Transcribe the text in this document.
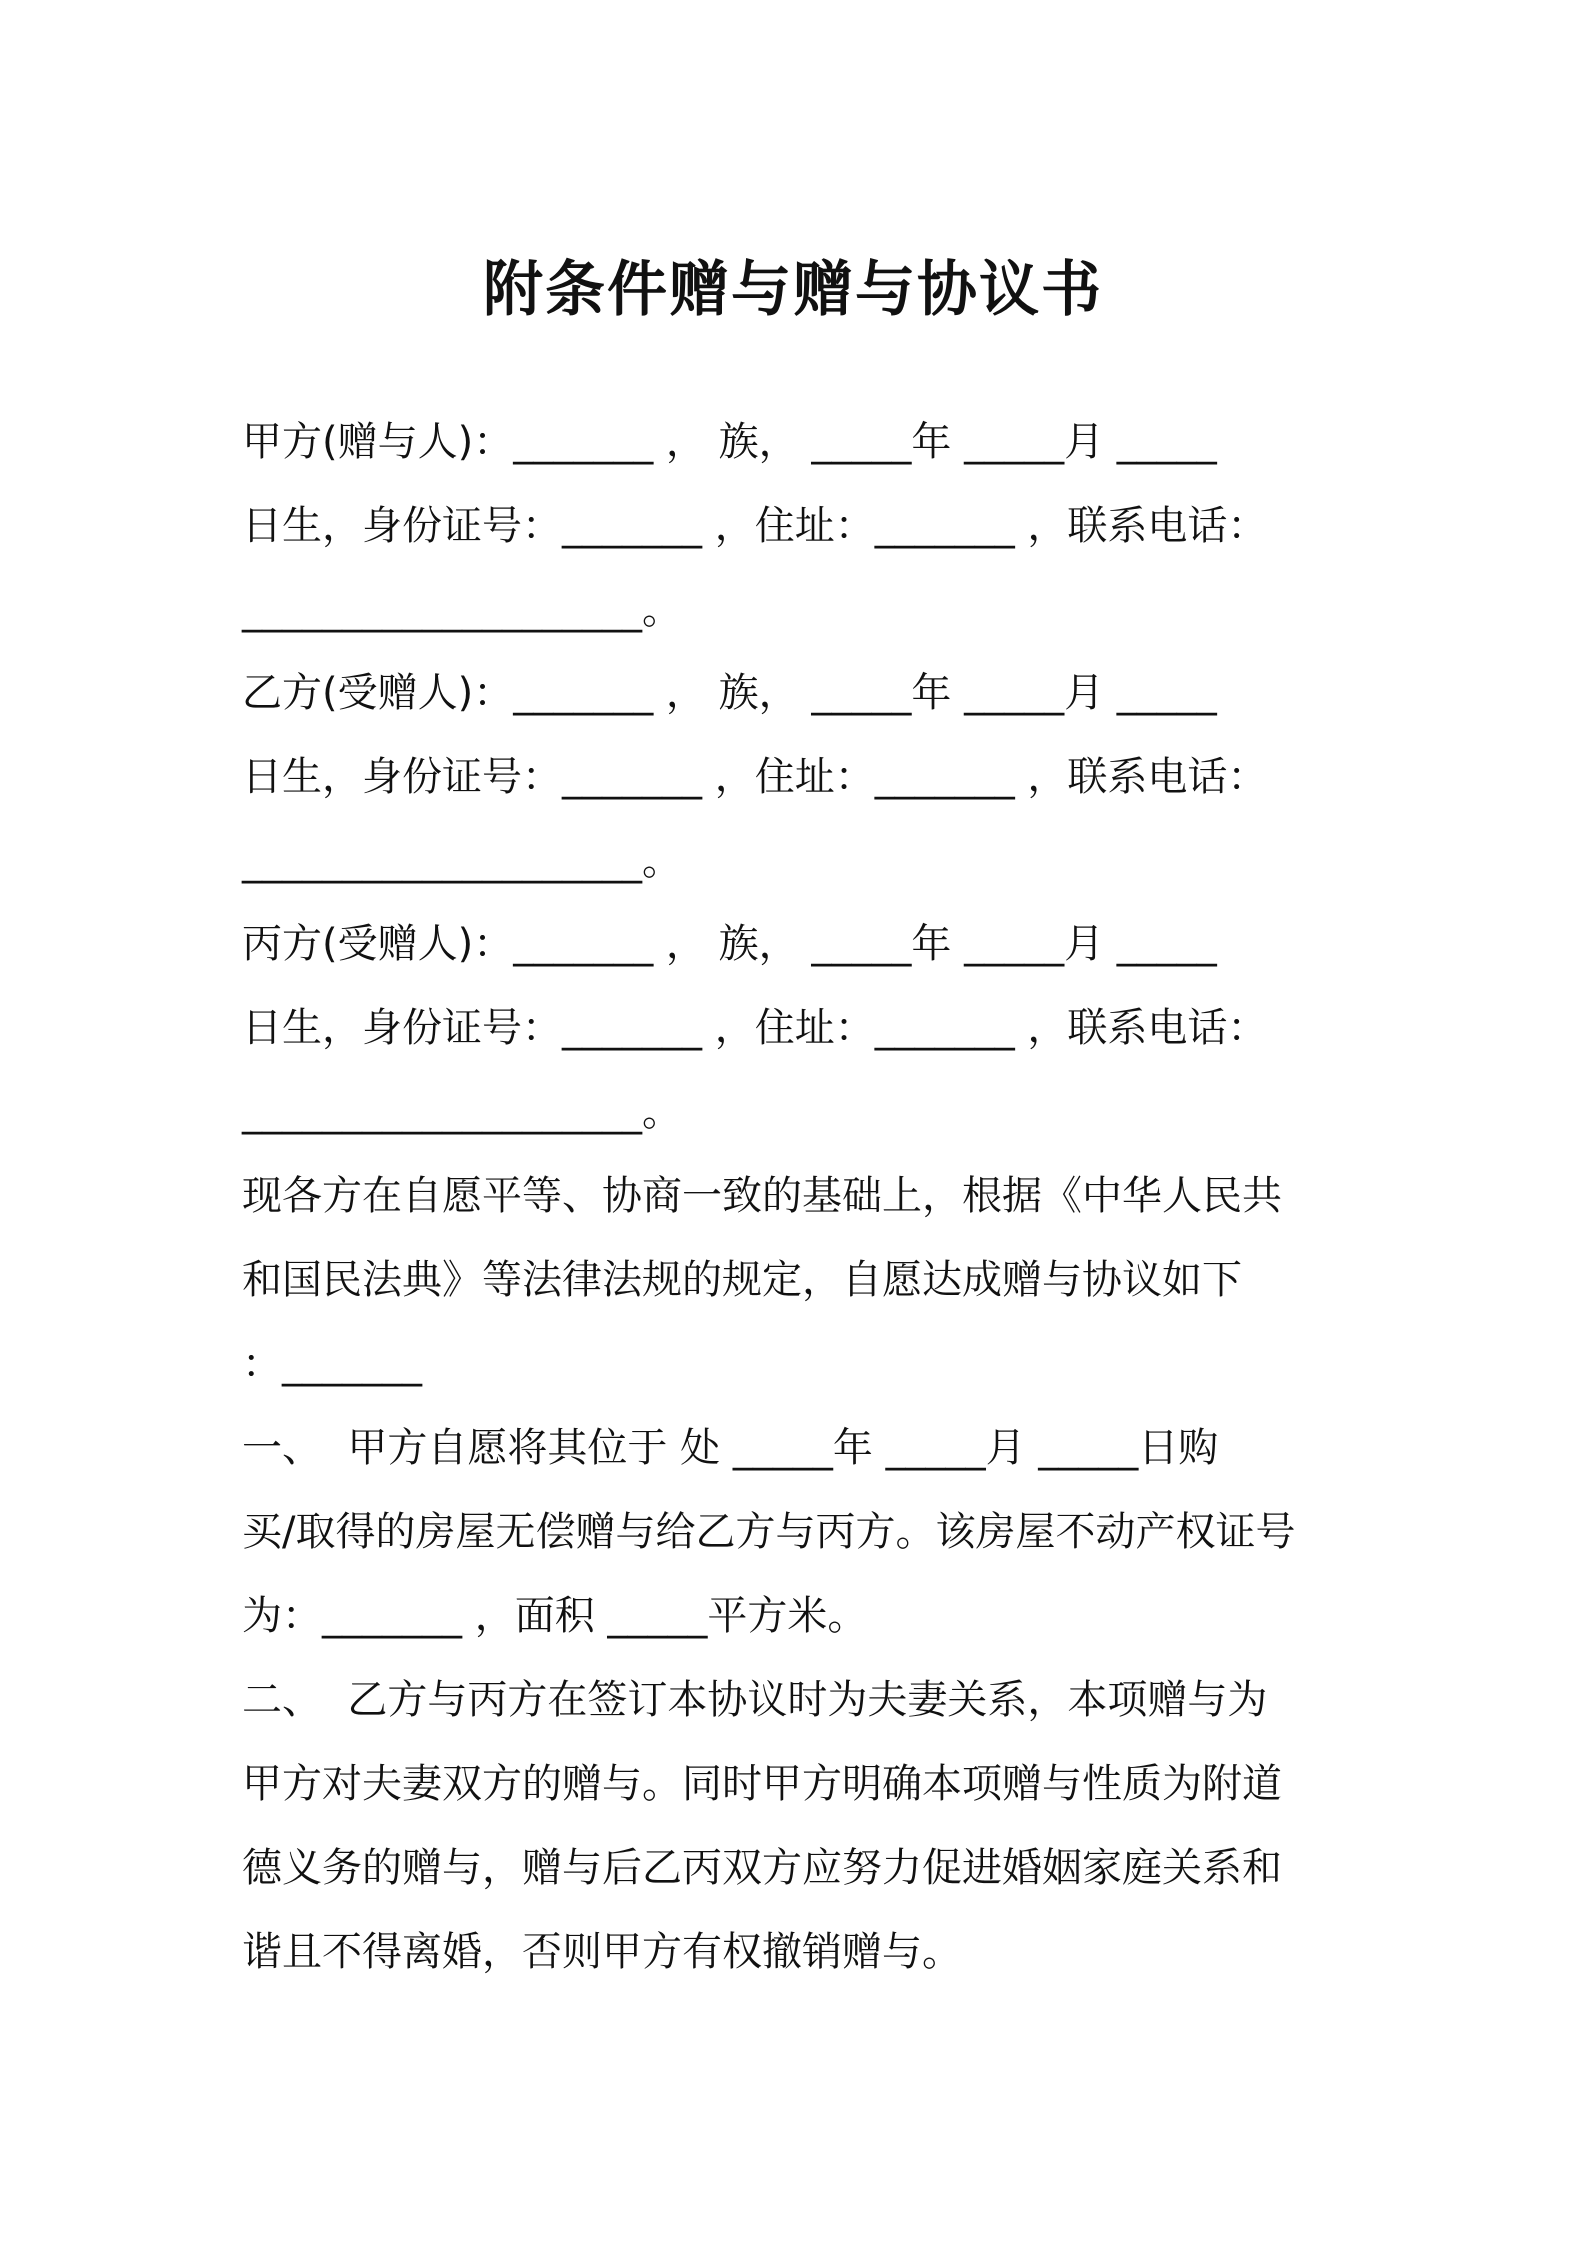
附条件赠与赠与协议书
甲方(赠与人)：_______ ， 族， _____年 _____月 _____
日生，身份证号：_______ ，住址：_______ ，联系电话：
____________________。
乙方(受赠人)：_______ ， 族， _____年 _____月 _____
日生，身份证号：_______ ，住址：_______ ，联系电话：
____________________。
丙方(受赠人)：_______ ， 族， _____年 _____月 _____
日生，身份证号：_______ ，住址：_______ ，联系电话：
____________________。
现各方在自愿平等、协商一致的基础上，根据《中华人民共
和国民法典》等法律法规的规定，自愿达成赠与协议如下
：_______
一、  甲方自愿将其位于 处 _____年 _____月 _____日购
买/取得的房屋无偿赠与给乙方与丙方。该房屋不动产权证号
为：_______ ，面积 _____平方米。
二、  乙方与丙方在签订本协议时为夫妻关系，本项赠与为
甲方对夫妻双方的赠与。同时甲方明确本项赠与性质为附道
德义务的赠与，赠与后乙丙双方应努力促进婚姻家庭关系和
谐且不得离婚，否则甲方有权撤销赠与。
